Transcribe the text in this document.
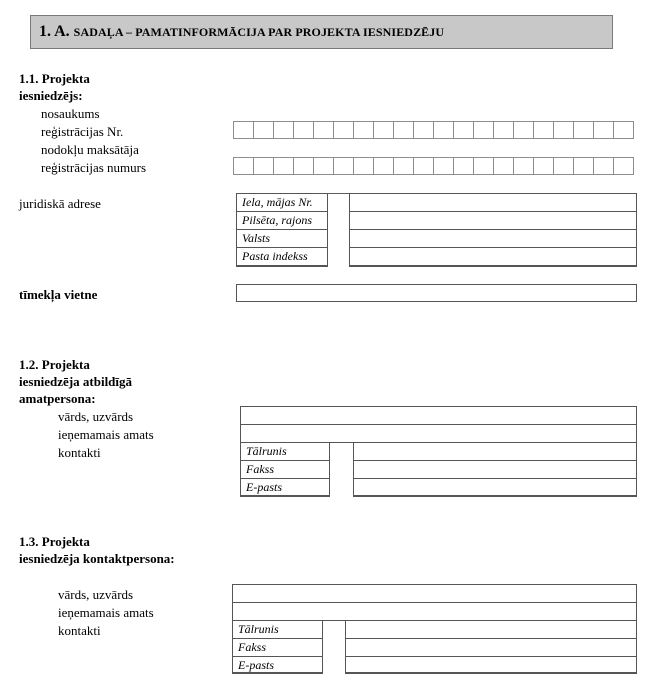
1. A. SADAĻA – PAMATINFORMĀCIJA PAR PROJEKTA IESNIEDZĒJU
1.1. Projekta
iesniedzējs:
nosaukums
reģistrācijas Nr.
nodokļu maksātāja
reģistrācijas numurs
juridiskā adrese	Iela, mājas Nr.
Pilsēta, rajons
Valsts
Pasta indekss
tīmekļa vietne
1.2. Projekta
iesniedzēja atbildīgā
amatpersona:
vārds, uzvārds
ieņemamais amats
kontakti	Tālrunis
Fakss
E-pasts
1.3. Projekta
iesniedzēja kontaktpersona:
vārds, uzvārds
ieņemamais amats
kontakti	Tālrunis
Fakss
E-pasts
